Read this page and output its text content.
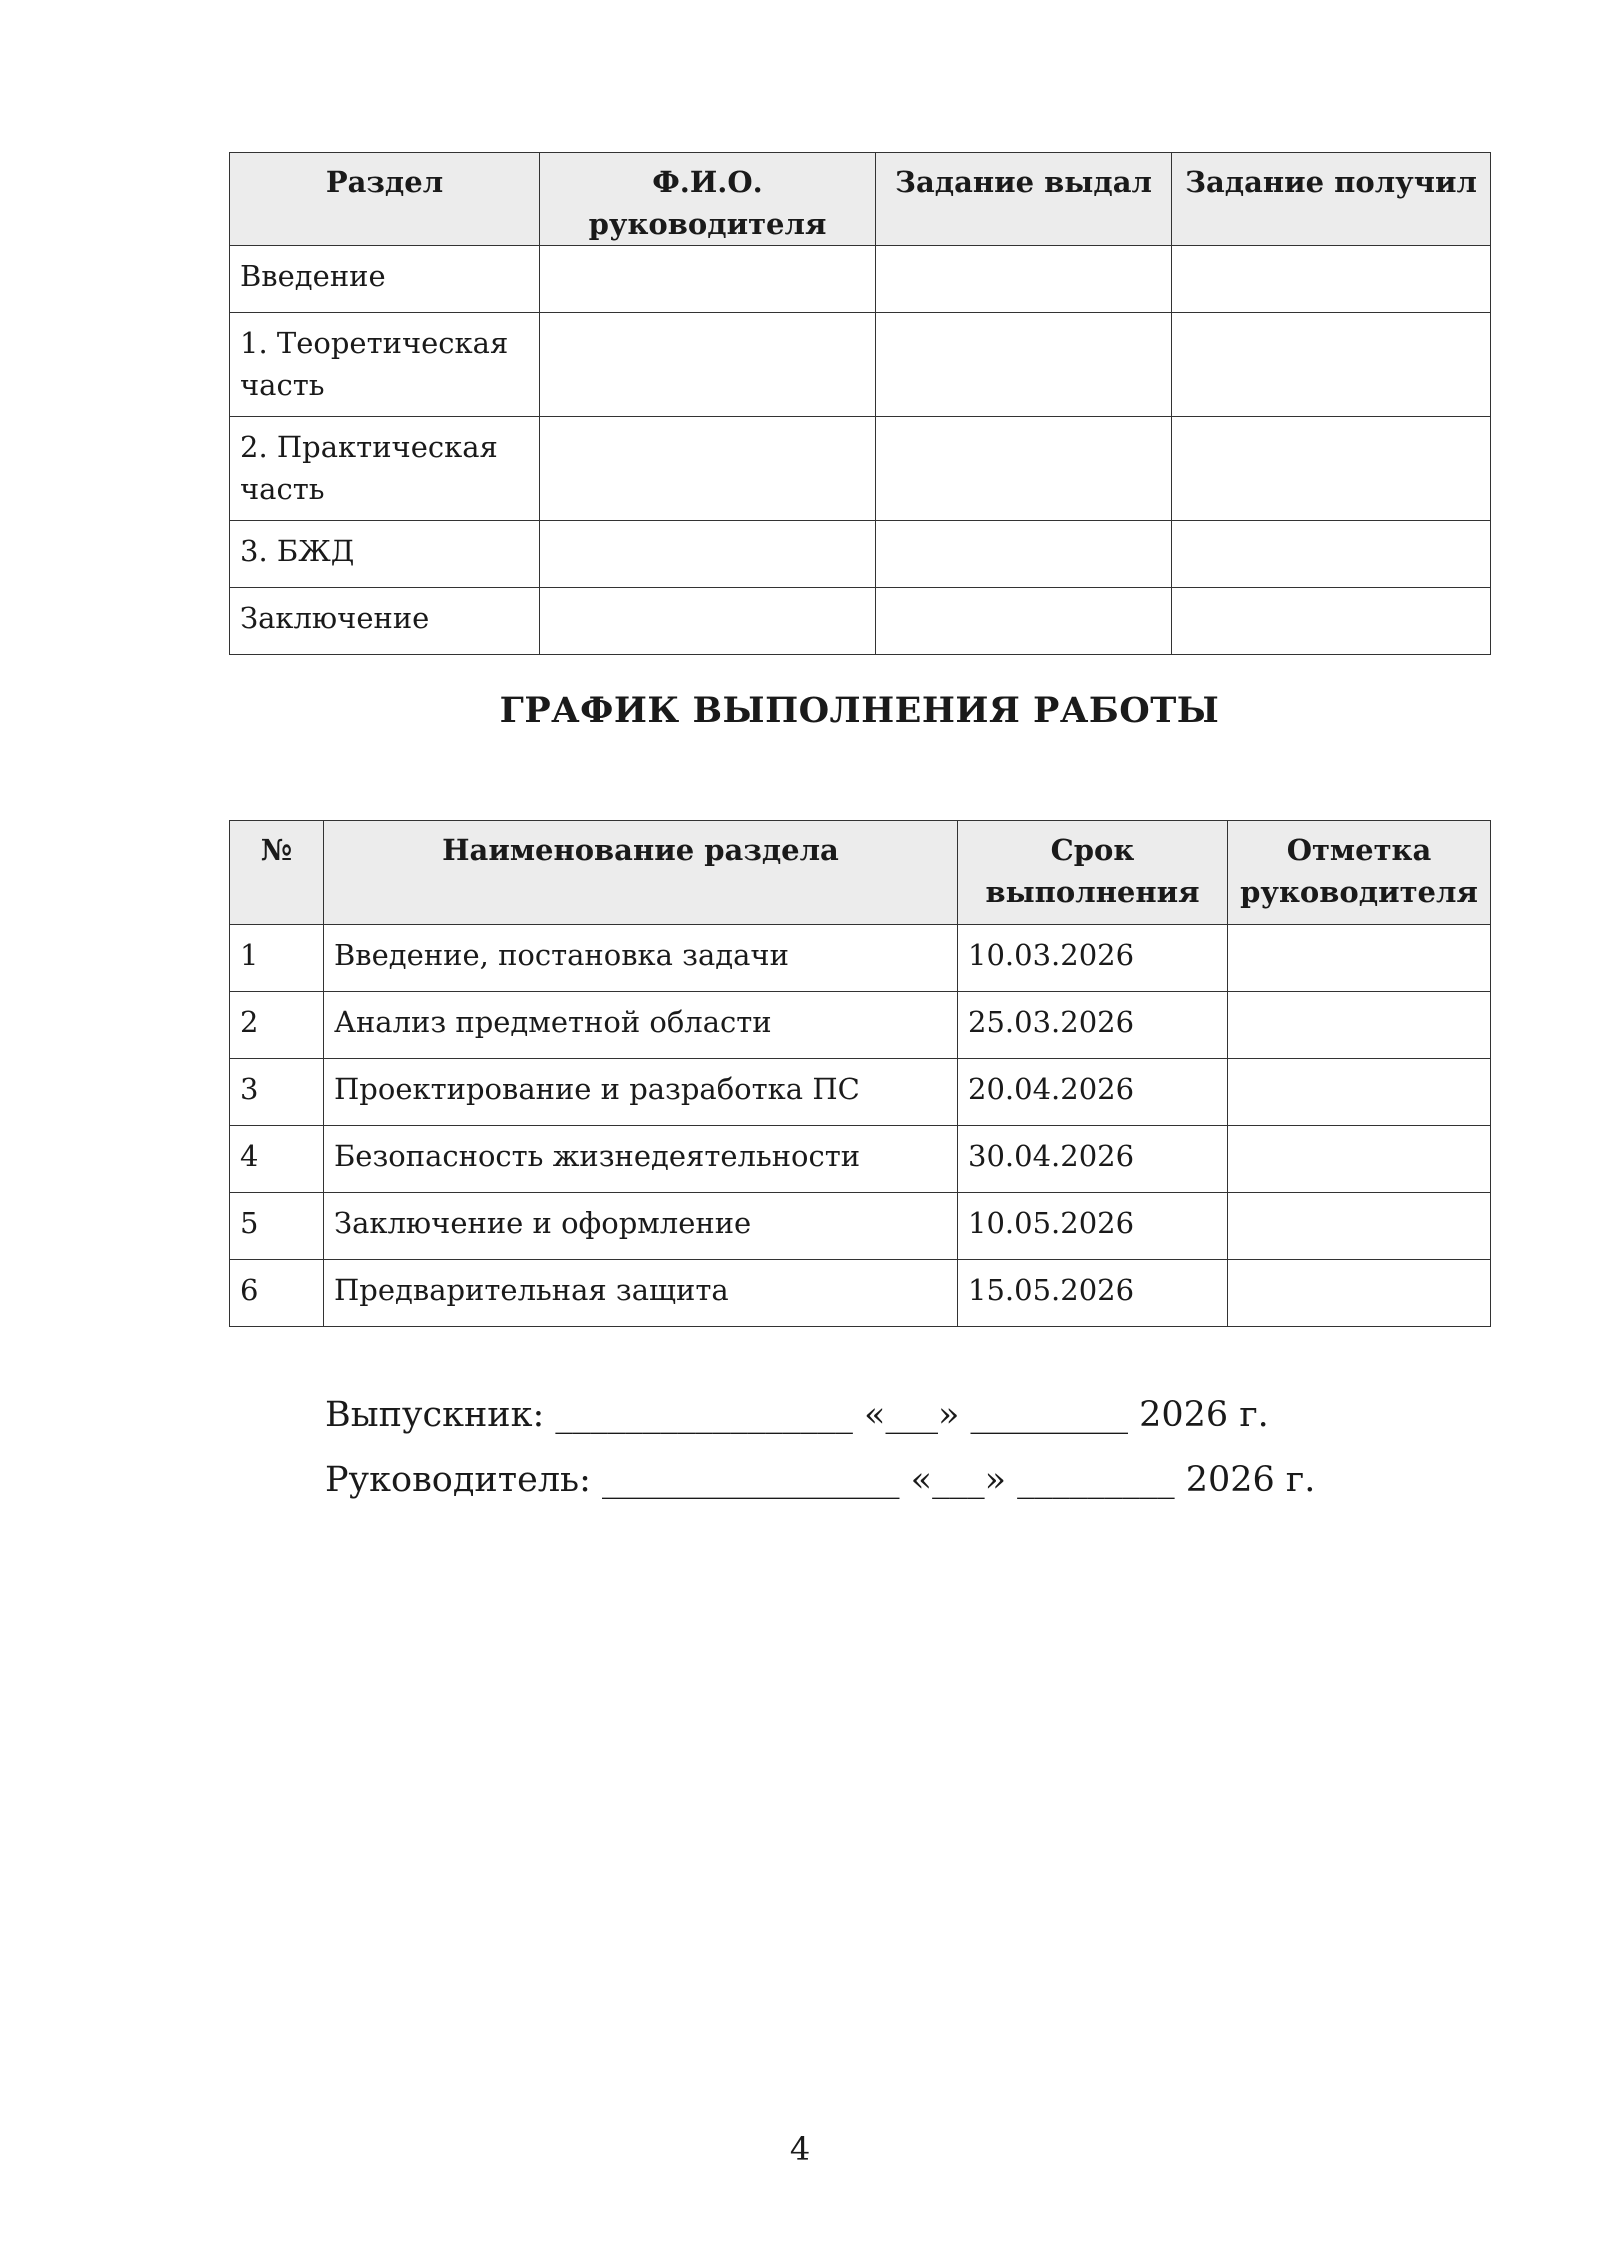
Раздел	Ф.И.О. руководителя	Задание выдал	Задание получил
Введение			
1. Теоретическая часть			
2. Практическая часть			
3. БЖД			
Заключение			
ГРАФИК ВЫПОЛНЕНИЯ РАБОТЫ
№	Наименование раздела	Срок выполнения	Отметка руководителя
1	Введение, постановка задачи	10.03.2026	
2	Анализ предметной области	25.03.2026	
3	Проектирование и разработка ПС	20.04.2026	
4	Безопасность жизнедеятельности	30.04.2026	
5	Заключение и оформление	10.05.2026	
6	Предварительная защита	15.05.2026	
Выпускник: _________________ «___» _________ 2026 г.
Руководитель: _________________ «___» _________ 2026 г.
4
